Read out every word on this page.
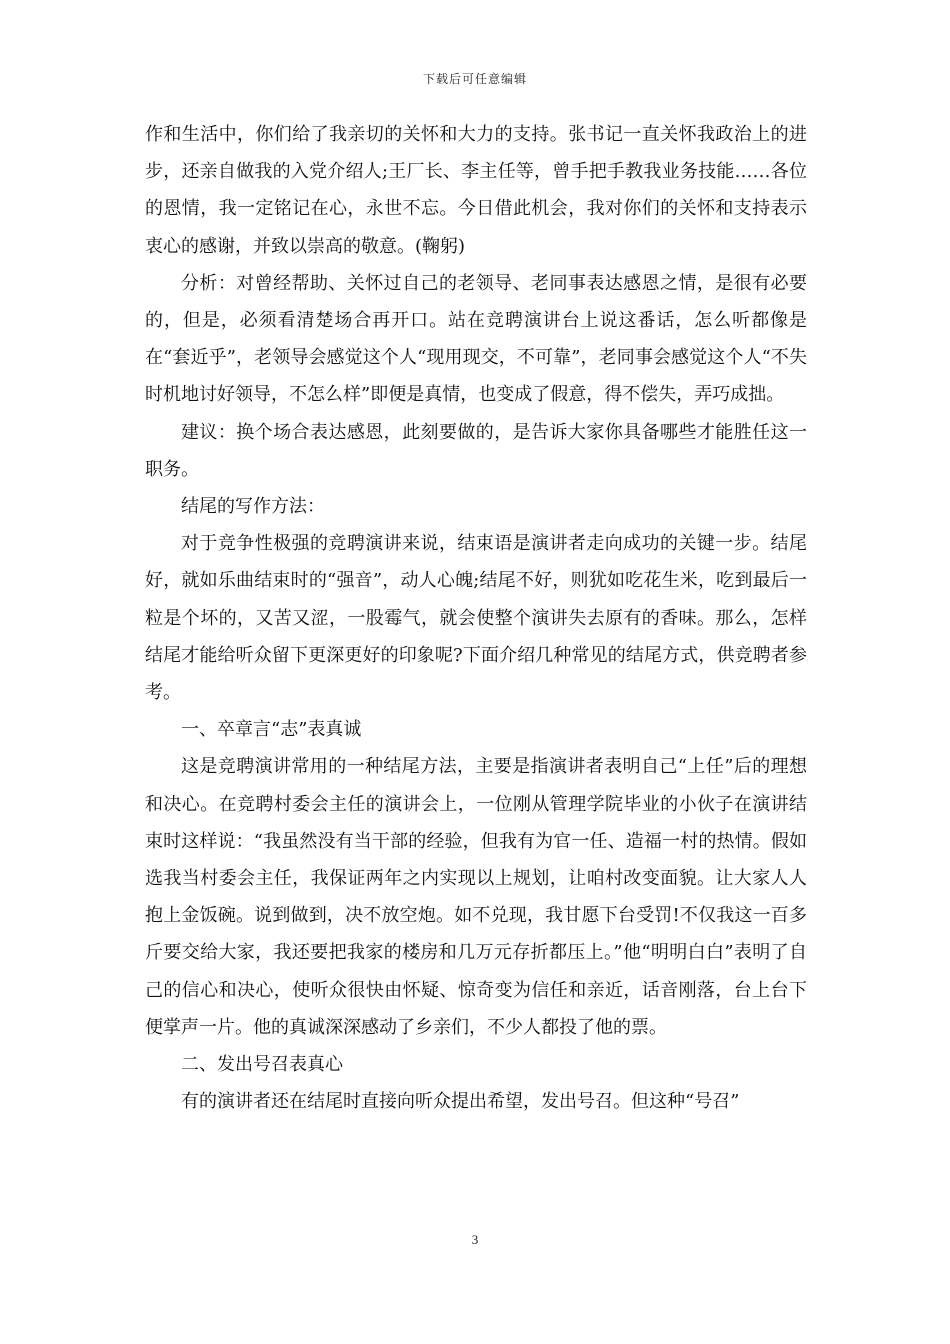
下载后可任意编辑

作和生活中，你们给了我亲切的关怀和大力的支持。张书记一直关怀我政治上的进步，还亲自做我的入党介绍人;王厂长、李主任等，曾手把手教我业务技能……各位的恩情，我一定铭记在心，永世不忘。今日借此机会，我对你们的关怀和支持表示衷心的感谢，并致以崇高的敬意。(鞠躬)

分析：对曾经帮助、关怀过自己的老领导、老同事表达感恩之情，是很有必要的，但是，必须看清楚场合再开口。站在竞聘演讲台上说这番话，怎么听都像是在“套近乎”，老领导会感觉这个人“现用现交，不可靠”，老同事会感觉这个人“不失时机地讨好领导，不怎么样”即便是真情，也变成了假意，得不偿失，弄巧成拙。

建议：换个场合表达感恩，此刻要做的，是告诉大家你具备哪些才能胜任这一职务。

结尾的写作方法：

对于竞争性极强的竞聘演讲来说，结束语是演讲者走向成功的关键一步。结尾好，就如乐曲结束时的“强音”，动人心魄;结尾不好，则犹如吃花生米，吃到最后一粒是个坏的，又苦又涩，一股霉气，就会使整个演讲失去原有的香味。那么，怎样结尾才能给听众留下更深更好的印象呢?下面介绍几种常见的结尾方式，供竞聘者参考。

一、卒章言“志”表真诚

这是竞聘演讲常用的一种结尾方法，主要是指演讲者表明自己“上任”后的理想和决心。在竞聘村委会主任的演讲会上，一位刚从管理学院毕业的小伙子在演讲结束时这样说：“我虽然没有当干部的经验，但我有为官一任、造福一村的热情。假如选我当村委会主任，我保证两年之内实现以上规划，让咱村改变面貌。让大家人人抱上金饭碗。说到做到，决不放空炮。如不兑现，我甘愿下台受罚!不仅我这一百多斤要交给大家，我还要把我家的楼房和几万元存折都压上。”他“明明白白”表明了自己的信心和决心，使听众很快由怀疑、惊奇变为信任和亲近，话音刚落，台上台下便掌声一片。他的真诚深深感动了乡亲们，不少人都投了他的票。

二、发出号召表真心

有的演讲者还在结尾时直接向听众提出希望，发出号召。但这种“号召”

3
